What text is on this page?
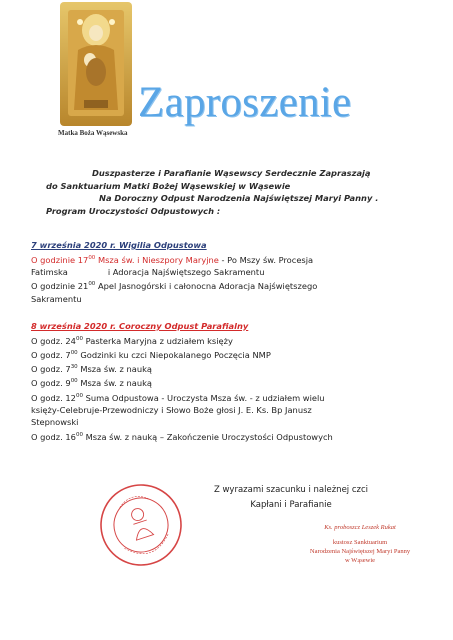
Matka Boża Wąsewska
Zaproszenie
Duszpasterze i Parafianie Wąsewscy Serdecznie Zapraszają
do Sanktuarium Matki Bożej Wąsewskiej w Wąsewie
Na Doroczny Odpust Narodzenia Najświętszej Maryi Panny .
Program Uroczystości Odpustowych :
7 września 2020 r. Wigilia Odpustowa
O godzinie $17^{00}$ Msza św. i Nieszpory Maryjne - Po Mszy św. Procesja
Fatimska	i Adoracja Najświętszego Sakramentu
O godzinie $21^{00}$ Apel Jasnogórski i całonocna Adoracja Najświętszego
Sakramentu
8 września 2020 r. Coroczny Odpust Parafialny
O godz. $24^{00}$ Pasterka Maryjna z udziałem księży
O godz. $7^{00}$ Godzinki ku czci Niepokalanego Poczęcia NMP
O godz. $7^{30}$ Msza św. z nauką
O godz. $9^{00}$ Msza św. z nauką
O godz. $12^{00}$ Suma Odpustowa - Uroczysta Msza św. - z udziałem wielu
księży-Celebruje-Przewodniczy i Słowo Boże głosi J. E. Ks. Bp Janusz
Stepnowski
O godz. $16^{00}$ Msza św. z nauką – Zakończenie Uroczystości Odpustowych
Z wyrazami szacunku i należnej czci
Kapłani i Parafianie
Ks. proboszcz Leszek Rukat
kustosz Sanktuarium
Narodzenia Najświętszej Maryi Panny
w Wąsewie
